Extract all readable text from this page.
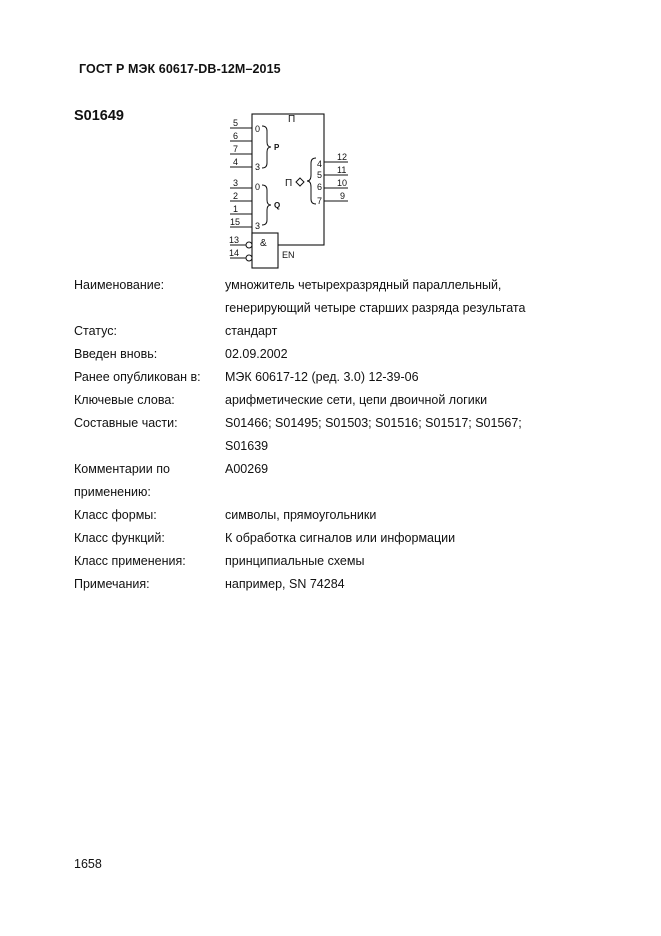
ГОСТ Р МЭК 60617-DB-12M–2015
S01649	Π
5
6
7
4
0
3
P
3
2
1
15
0
3
Q
Π
4
5
6
7
12
11
10
9
&
EN
13
14
Наименование:	умножитель четырехразрядный параллельный,
генерирующий четыре старших разряда результата
Статус:	стандарт
Введен вновь:	02.09.2002
Ранее опубликован в:	МЭК 60617-12 (ред. 3.0) 12-39-06
Ключевые слова:	арифметические сети, цепи двоичной логики
Составные части:	S01466; S01495; S01503; S01516; S01517; S01567;
S01639
Комментарии по
применению:
A00269
Класс формы:	символы, прямоугольники
Класс функций:	К обработка сигналов или информации
Класс применения:	принципиальные схемы
Примечания:	например, SN 74284
1658
